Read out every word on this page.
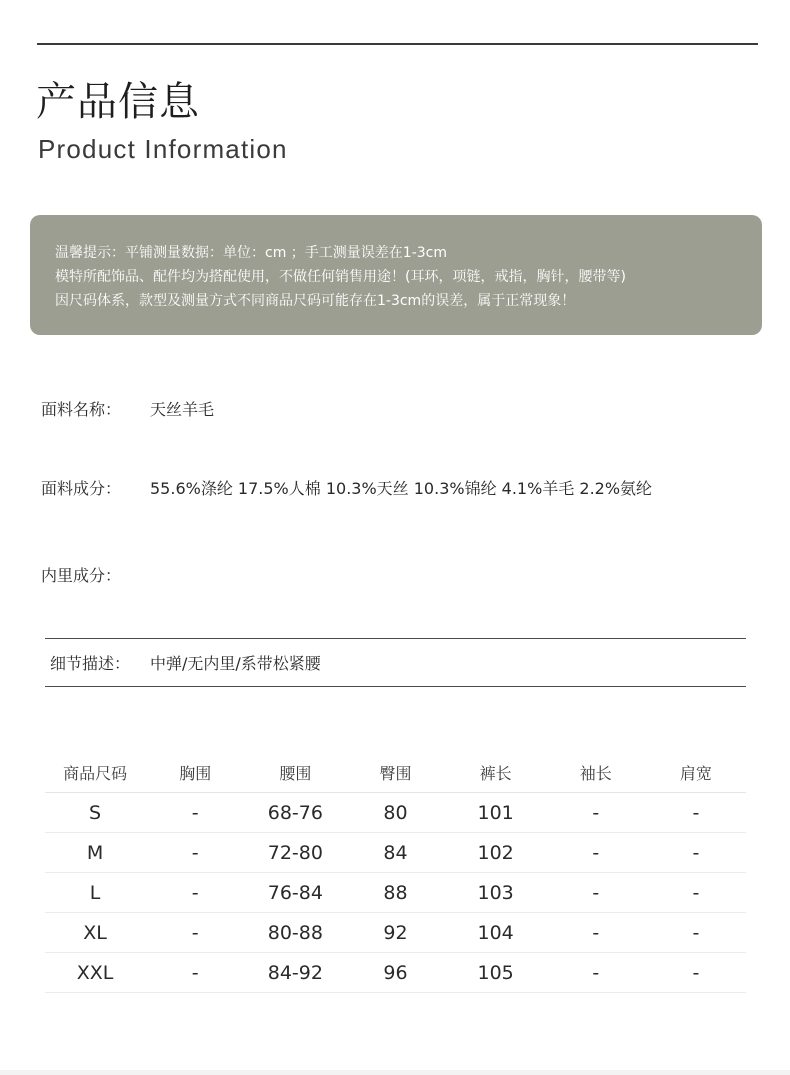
产品信息
Product Information
温馨提示：平铺测量数据：单位：cm ；手工测量误差在1-3cm
模特所配饰品、配件均为搭配使用，不做任何销售用途！(耳环，项链，戒指，胸针，腰带等)
因尺码体系，款型及测量方式不同商品尺码可能存在1-3cm的误差，属于正常现象！
面料名称： 天丝羊毛
面料成分： 55.6%涤纶 17.5%人棉 10.3%天丝 10.3%锦纶 4.1%羊毛 2.2%氨纶
内里成分：
细节描述： 中弹/无内里/系带松紧腰
商品尺码	胸围	腰围	臀围	裤长	袖长	肩宽
S	-	68-76	80	101	-	-
M	-	72-80	84	102	-	-
L	-	76-84	88	103	-	-
XL	-	80-88	92	104	-	-
XXL	-	84-92	96	105	-	-
